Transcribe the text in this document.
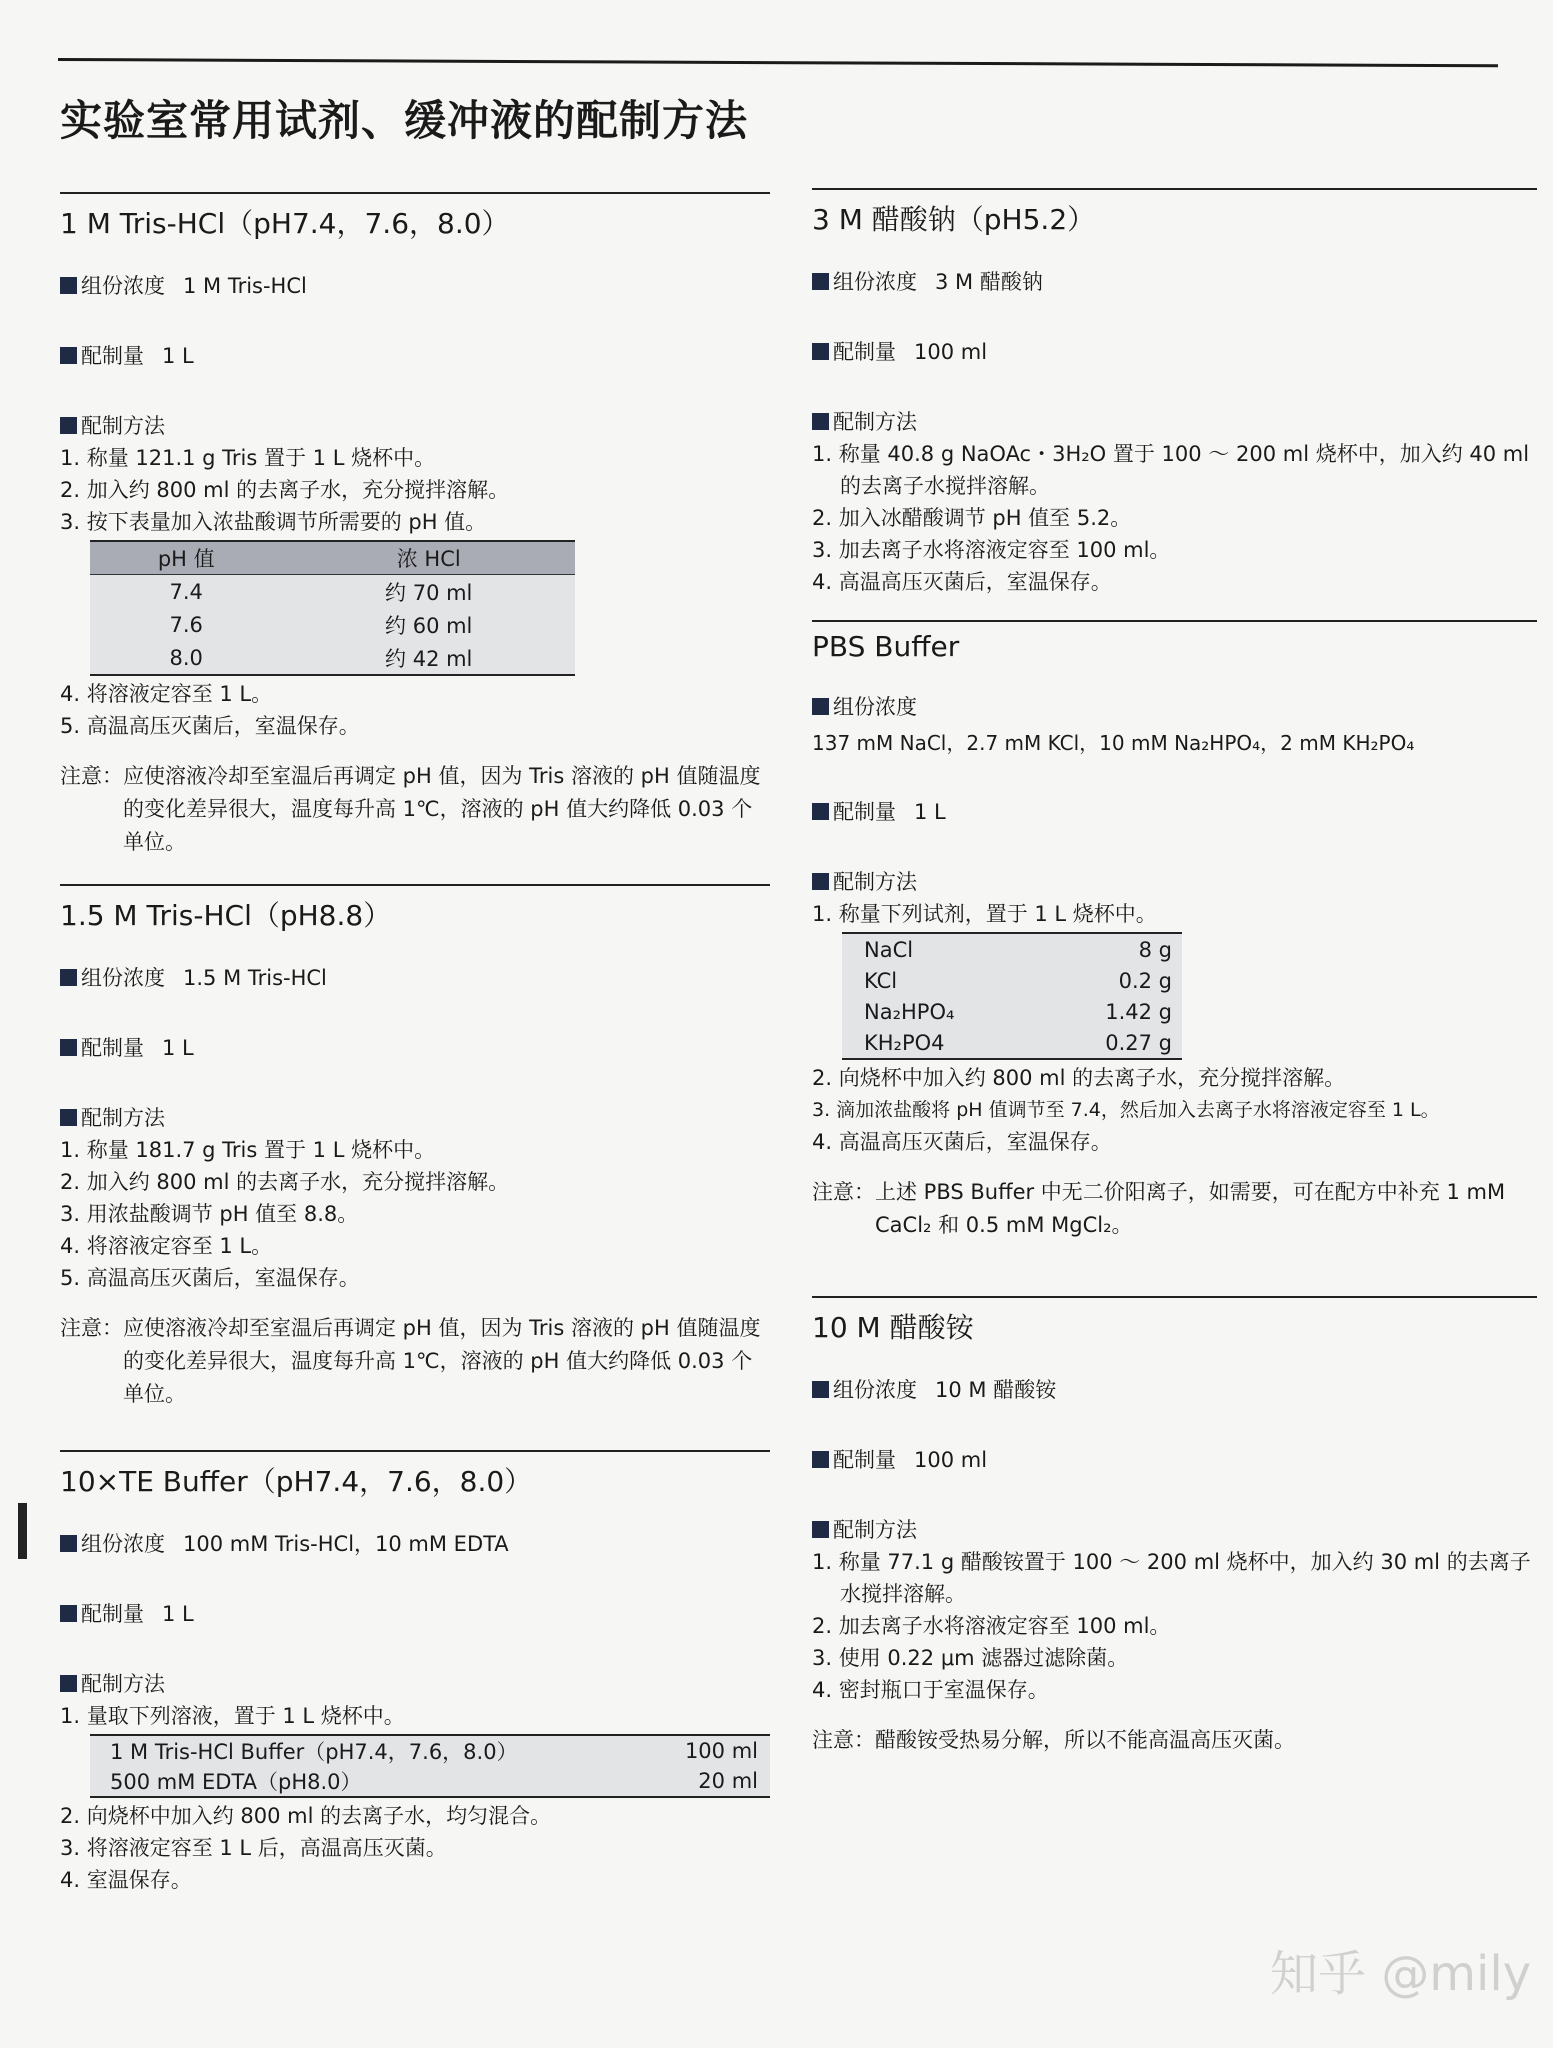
实验室常用试剂、缓冲液的配制方法
1 M Tris-HCl（pH7.4，7.6，8.0）
组份浓度 1 M Tris-HCl
配制量 1 L
配制方法
1. 称量 121.1 g Tris 置于 1 L 烧杯中。
2. 加入约 800 ml 的去离子水，充分搅拌溶解。
3. 按下表量加入浓盐酸调节所需要的 pH 值。
pH 值	浓 HCl
7.4	约 70 ml
7.6	约 60 ml
8.0	约 42 ml
4. 将溶液定容至 1 L。
5. 高温高压灭菌后，室温保存。
注意： 应使溶液冷却至室温后再调定 pH 值，因为 Tris 溶液的 pH 值随温度的变化差异很大，温度每升高 1℃，溶液的 pH 值大约降低 0.03 个单位。
1.5 M Tris-HCl（pH8.8）
组份浓度 1.5 M Tris-HCl
配制量 1 L
配制方法
1. 称量 181.7 g Tris 置于 1 L 烧杯中。
2. 加入约 800 ml 的去离子水，充分搅拌溶解。
3. 用浓盐酸调节 pH 值至 8.8。
4. 将溶液定容至 1 L。
5. 高温高压灭菌后，室温保存。
注意： 应使溶液冷却至室温后再调定 pH 值，因为 Tris 溶液的 pH 值随温度的变化差异很大，温度每升高 1℃，溶液的 pH 值大约降低 0.03 个单位。
10×TE Buffer（pH7.4，7.6，8.0）
组份浓度 100 mM Tris-HCl，10 mM EDTA
配制量 1 L
配制方法
1. 量取下列溶液，置于 1 L 烧杯中。
1 M Tris-HCl Buffer（pH7.4，7.6，8.0）	100 ml
500 mM EDTA（pH8.0）	20 ml
2. 向烧杯中加入约 800 ml 的去离子水，均匀混合。
3. 将溶液定容至 1 L 后，高温高压灭菌。
4. 室温保存。
3 M 醋酸钠（pH5.2）
组份浓度 3 M 醋酸钠
配制量 100 ml
配制方法
1. 称量 40.8 g NaOAc・3H₂O 置于 100 ～ 200 ml 烧杯中，加入约 40 ml 的去离子水搅拌溶解。
2. 加入冰醋酸调节 pH 值至 5.2。
3. 加去离子水将溶液定容至 100 ml。
4. 高温高压灭菌后，室温保存。
PBS Buffer
组份浓度
137 mM NaCl，2.7 mM KCl，10 mM Na₂HPO₄，2 mM KH₂PO₄
配制量 1 L
配制方法
1. 称量下列试剂，置于 1 L 烧杯中。
NaCl	8 g
KCl	0.2 g
Na₂HPO₄	1.42 g
KH₂PO4	0.27 g
2. 向烧杯中加入约 800 ml 的去离子水，充分搅拌溶解。
3. 滴加浓盐酸将 pH 值调节至 7.4，然后加入去离子水将溶液定容至 1 L。
4. 高温高压灭菌后，室温保存。
注意： 上述 PBS Buffer 中无二价阳离子，如需要，可在配方中补充 1 mM CaCl₂ 和 0.5 mM MgCl₂。
10 M 醋酸铵
组份浓度 10 M 醋酸铵
配制量 100 ml
配制方法
1. 称量 77.1 g 醋酸铵置于 100 ～ 200 ml 烧杯中，加入约 30 ml 的去离子水搅拌溶解。
2. 加去离子水将溶液定容至 100 ml。
3. 使用 0.22 μm 滤器过滤除菌。
4. 密封瓶口于室温保存。
注意： 醋酸铵受热易分解，所以不能高温高压灭菌。
知乎 @mily
